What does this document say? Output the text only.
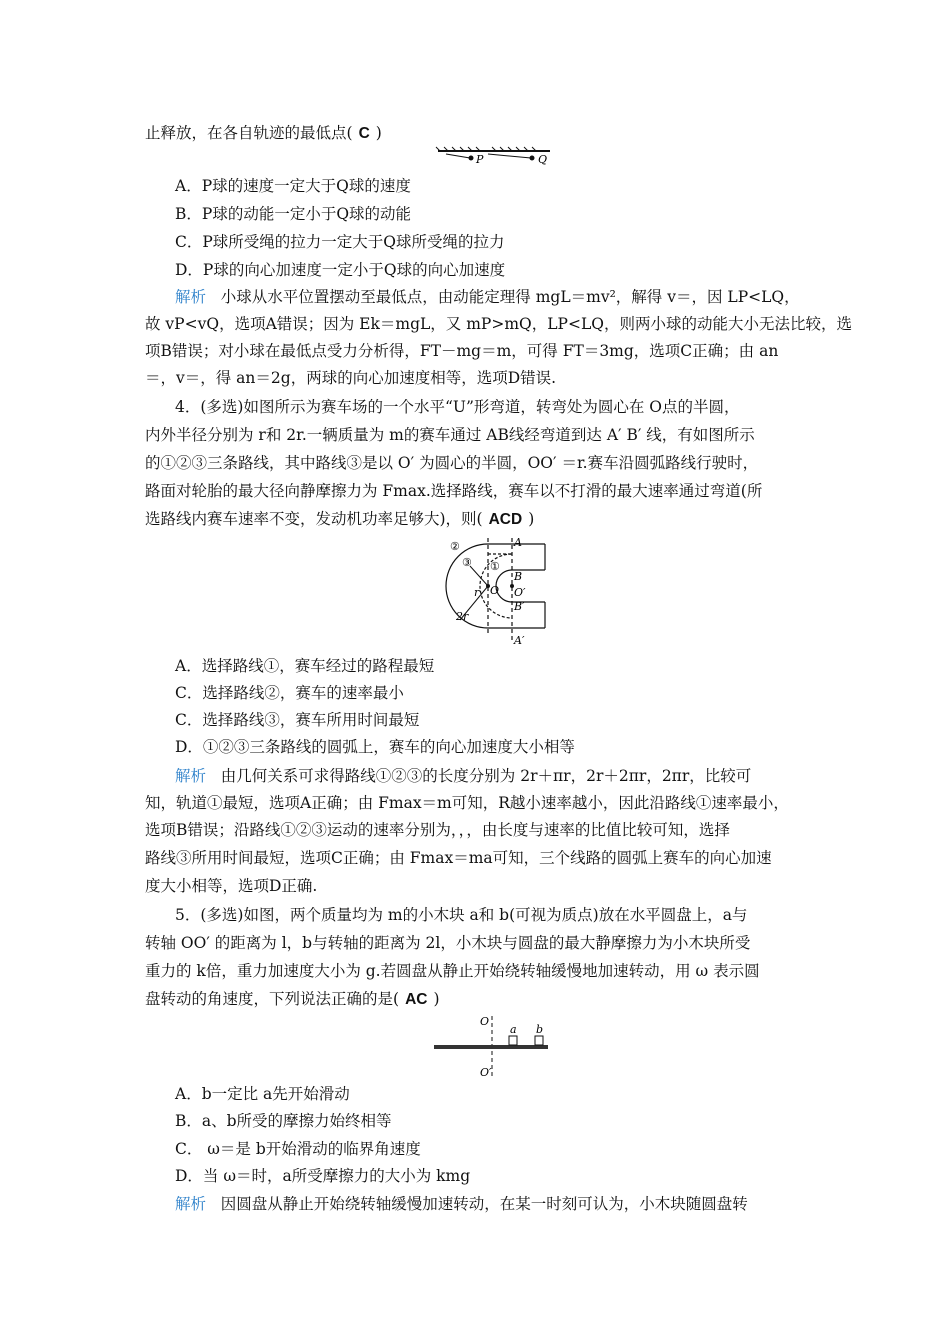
止释放，在各自轨迹的最低点( C )
P	Q
A．P球的速度一定大于Q球的速度
B．P球的动能一定小于Q球的动能
C．P球所受绳的拉力一定大于Q球所受绳的拉力
D．P球的向心加速度一定小于Q球的向心加速度
解析 小球从水平位置摆动至最低点，由动能定理得 mgL＝mv²，解得 v＝，因 LP<LQ，
故 vP<vQ，选项A错误；因为 Ek＝mgL，又 mP>mQ，LP<LQ，则两小球的动能大小无法比较，选
项B错误；对小球在最低点受力分析得，FT－mg＝m，可得 FT＝3mg，选项C正确；由 an
＝，v＝，得 an＝2g，两球的向心加速度相等，选项D错误.
4．(多选)如图所示为赛车场的一个水平“U”形弯道，转弯处为圆心在 O点的半圆，
内外半径分别为 r和 2r.一辆质量为 m的赛车通过 AB线经弯道到达 A′ B′ 线，有如图所示
的①②③三条路线，其中路线③是以 O′ 为圆心的半圆，OO′ ＝r.赛车沿圆弧路线行驶时，
路面对轮胎的最大径向静摩擦力为 Fmax.选择路线，赛车以不打滑的最大速率通过弯道(所
选路线内赛车速率不变，发动机功率足够大)，则( ACD )
②
③ ①
A
B
O O′
B′
A′
r
2r
A．选择路线①，赛车经过的路程最短
C．选择路线②，赛车的速率最小
C．选择路线③，赛车所用时间最短
D．①②③三条路线的圆弧上，赛车的向心加速度大小相等
解析 由几何关系可求得路线①②③的长度分别为 2r＋πr，2r＋2πr，2πr，比较可
知，轨道①最短，选项A正确；由 Fmax＝m可知，R越小速率越小，因此沿路线①速率最小，
选项B错误；沿路线①②③运动的速率分别为，，，由长度与速率的比值比较可知，选择
路线③所用时间最短，选项C正确；由 Fmax＝ma可知，三个线路的圆弧上赛车的向心加速
度大小相等，选项D正确.
5．(多选)如图，两个质量均为 m的小木块 a和 b(可视为质点)放在水平圆盘上，a与
转轴 OO′ 的距离为 l，b与转轴的距离为 2l，小木块与圆盘的最大静摩擦力为小木块所受
重力的 k倍，重力加速度大小为 g.若圆盘从静止开始绕转轴缓慢地加速转动，用 ω 表示圆
盘转动的角速度，下列说法正确的是( AC )
O
O′
a b
A．b一定比 a先开始滑动
B．a、b所受的摩擦力始终相等
C． ω＝是 b开始滑动的临界角速度
D．当 ω＝时，a所受摩擦力的大小为 kmg
解析 因圆盘从静止开始绕转轴缓慢加速转动，在某一时刻可认为，小木块随圆盘转
